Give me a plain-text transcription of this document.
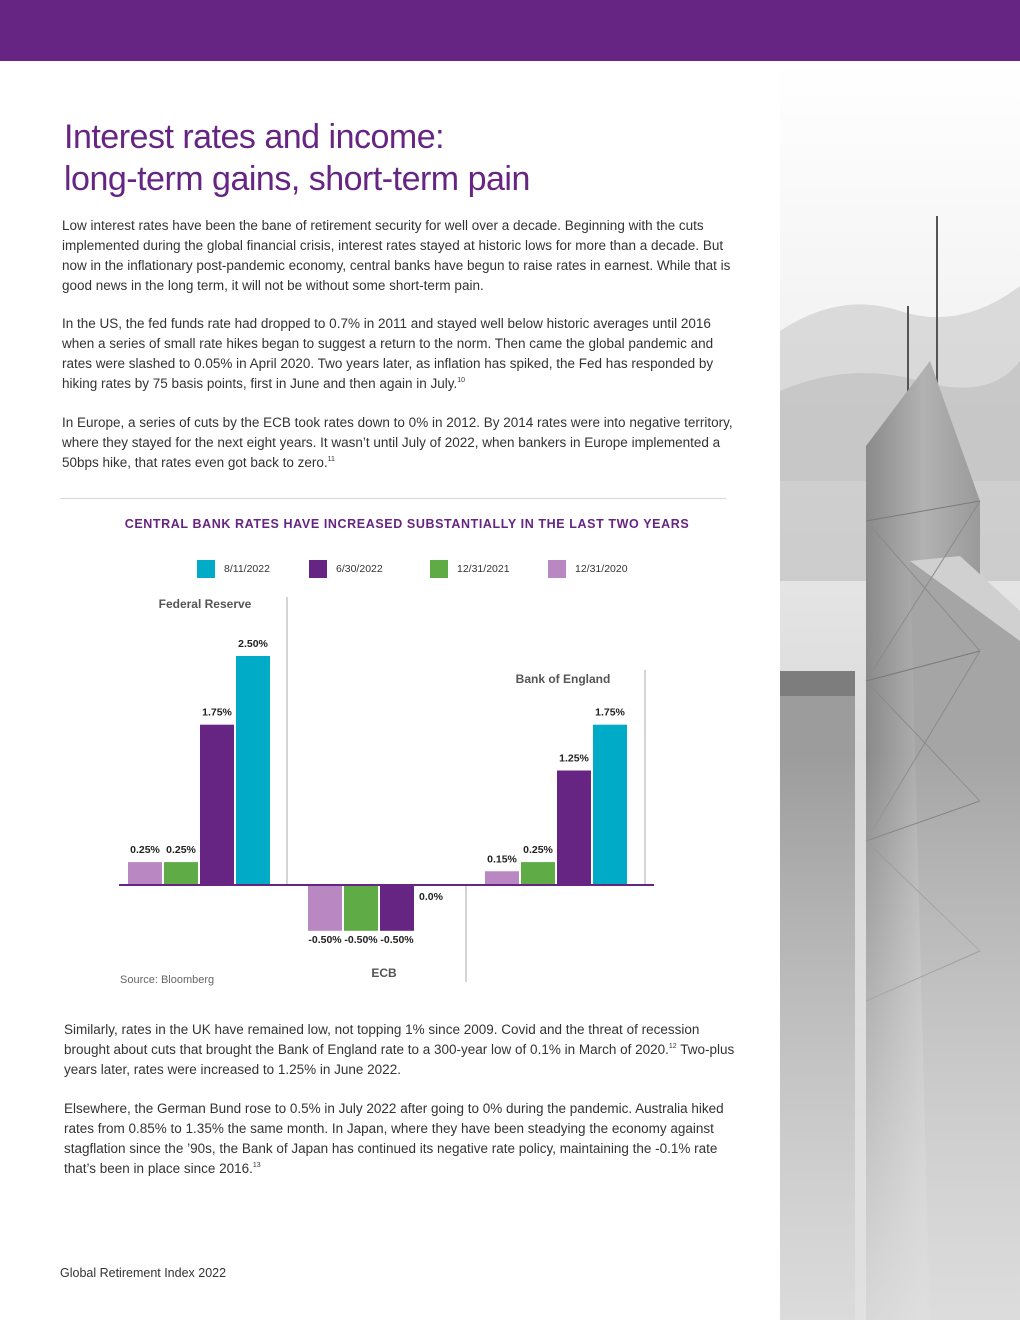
Interest rates and income:
long-term gains, short-term pain

Low interest rates have been the bane of retirement security for well over a decade. Beginning with the cuts implemented during the global financial crisis, interest rates stayed at historic lows for more than a decade. But now in the inflationary post-pandemic economy, central banks have begun to raise rates in earnest. While that is good news in the long term, it will not be without some short-term pain.

In the US, the fed funds rate had dropped to 0.7% in 2011 and stayed well below historic averages until 2016 when a series of small rate hikes began to suggest a return to the norm. Then came the global pandemic and rates were slashed to 0.05% in April 2020. Two years later, as inflation has spiked, the Fed has responded by hiking rates by 75 basis points, first in June and then again in July.$^{10}$

In Europe, a series of cuts by the ECB took rates down to 0% in 2012. By 2014 rates were into negative territory, where they stayed for the next eight years. It wasn’t until July of 2022, when bankers in Europe implemented a 50bps hike, that rates even got back to zero.$^{11}$

CENTRAL BANK RATES HAVE INCREASED SUBSTANTIALLY IN THE LAST TWO YEARS
8/11/2022	6/30/2022	12/31/2021	12/31/2020
Federal Reserve
ECB
Bank of England
0.25% 0.25%
1.75%
2.50%
-0.50% -0.50% -0.50%
0.0%
0.15%
0.25%
1.25%
1.75%
Source: Bloomberg

Similarly, rates in the UK have remained low, not topping 1% since 2009. Covid and the threat of recession brought about cuts that brought the Bank of England rate to a 300-year low of 0.1% in March of 2020.12 Two-plus years later, rates were increased to 1.25% in June 2022.

Elsewhere, the German Bund rose to 0.5% in July 2022 after going to 0% during the pandemic. Australia hiked rates from 0.85% to 1.35% the same month. In Japan, where they have been steadying the economy against stagflation since the ’90s, the Bank of Japan has continued its negative rate policy, maintaining the -0.1% rate that’s been in place since 2016.13

Global Retirement Index 2022
